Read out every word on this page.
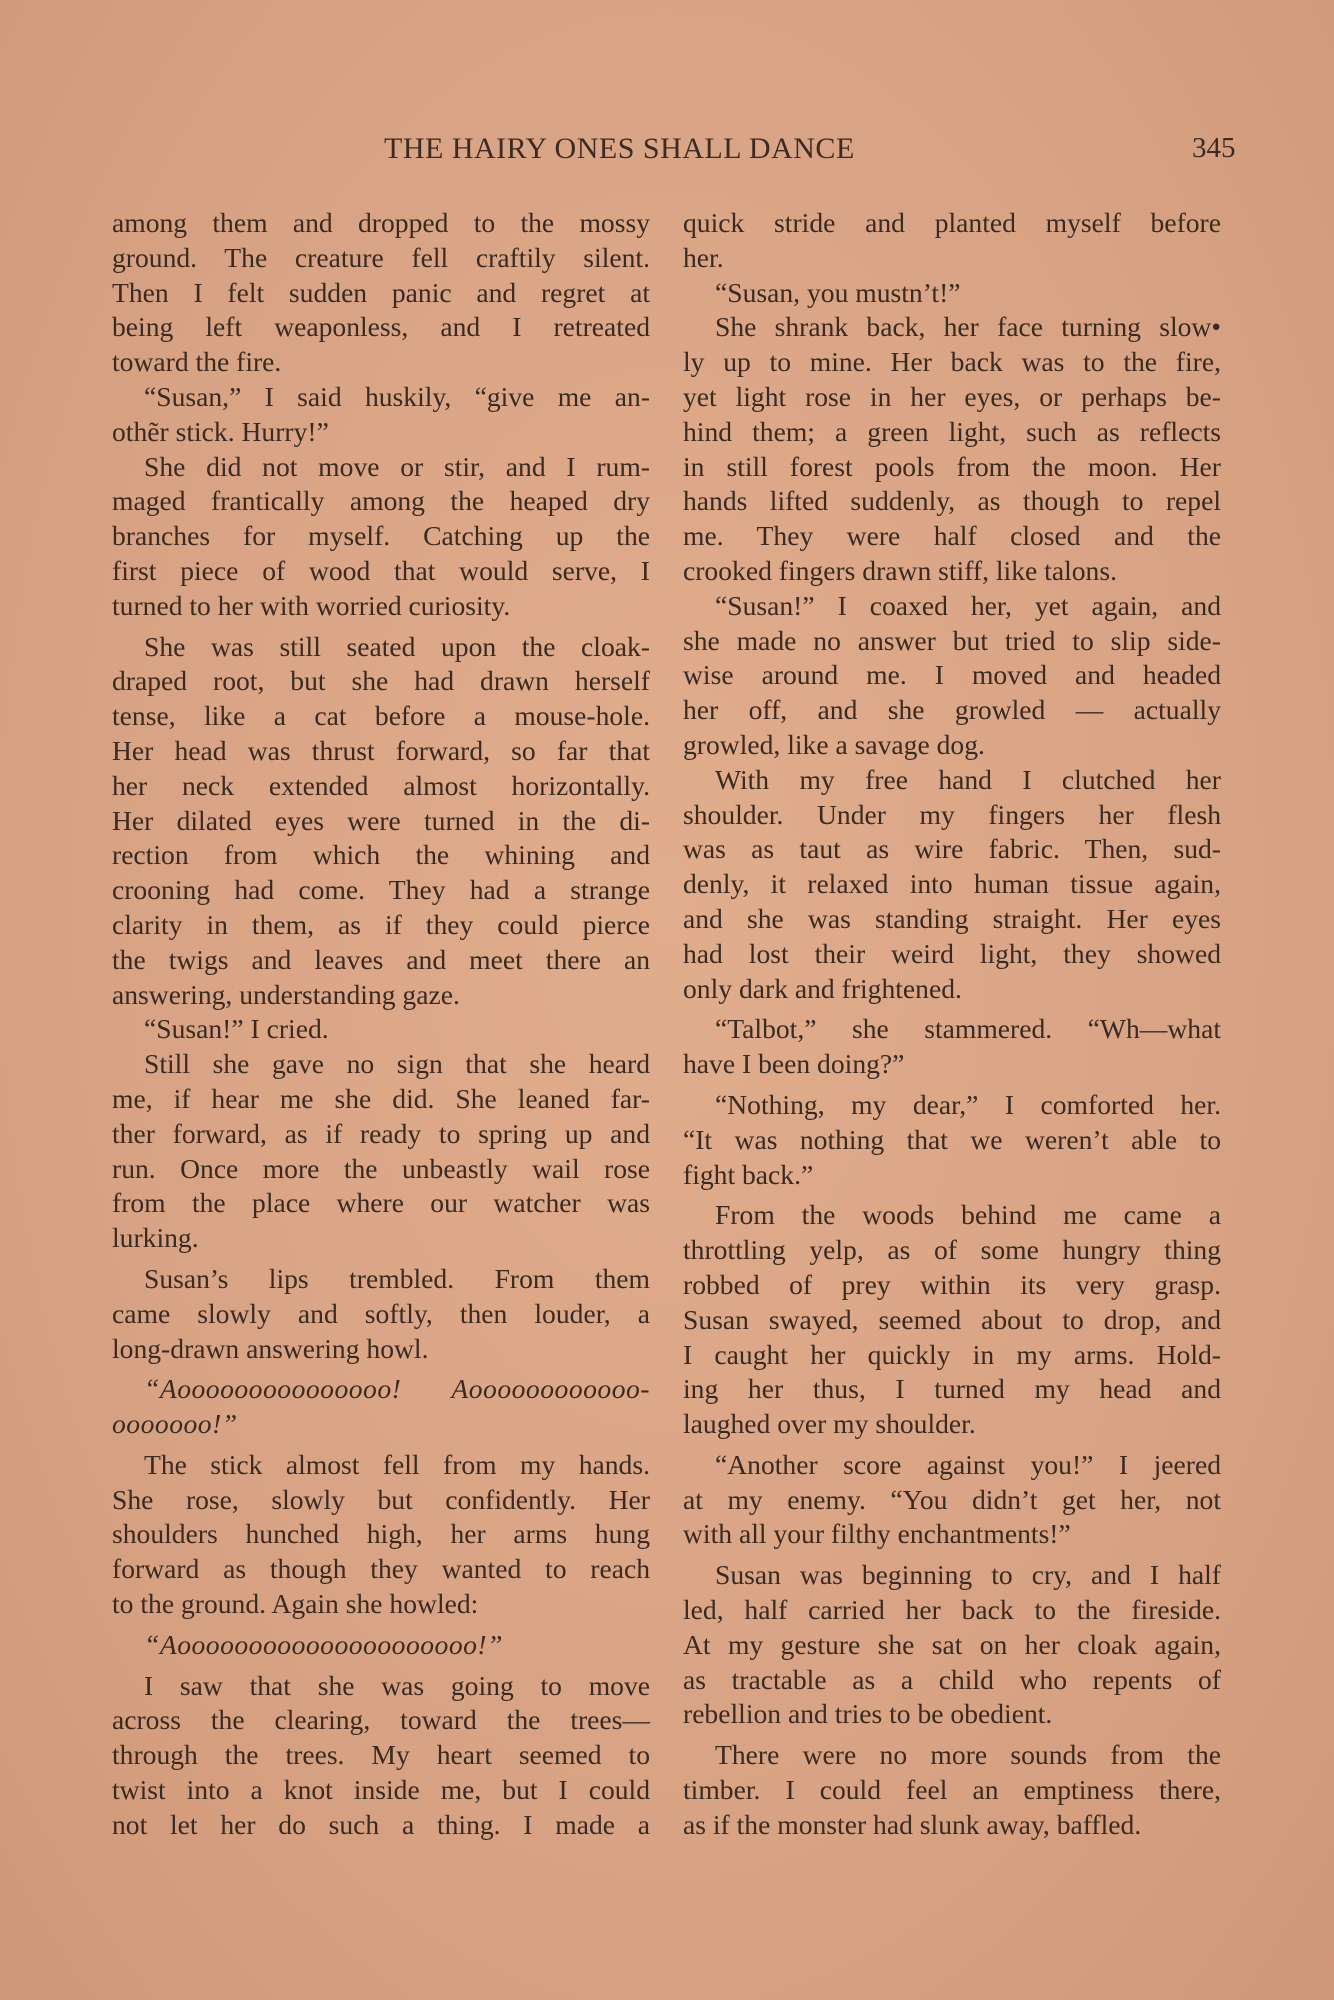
THE HAIRY ONES SHALL DANCE	345
among them and dropped to the mossy
ground. The creature fell craftily silent.
Then I felt sudden panic and regret at
being left weaponless, and I retreated
toward the fire.
“Susan,” I said huskily, “give me an-
othẽr stick. Hurry!”
She did not move or stir, and I rum-
maged frantically among the heaped dry
branches for myself. Catching up the
first piece of wood that would serve, I
turned to her with worried curiosity.
She was still seated upon the cloak-
draped root, but she had drawn herself
tense, like a cat before a mouse-hole.
Her head was thrust forward, so far that
her neck extended almost horizontally.
Her dilated eyes were turned in the di-
rection from which the whining and
crooning had come. They had a strange
clarity in them, as if they could pierce
the twigs and leaves and meet there an
answering, understanding gaze.
“Susan!” I cried.
Still she gave no sign that she heard
me, if hear me she did. She leaned far-
ther forward, as if ready to spring up and
run. Once more the unbeastly wail rose
from the place where our watcher was
lurking.
Susan’s lips trembled. From them
came slowly and softly, then louder, a
long-drawn answering howl.
“Aooooooooooooooo! Aoooooooooooo-
ooooooo!”
The stick almost fell from my hands.
She rose, slowly but confidently. Her
shoulders hunched high, her arms hung
forward as though they wanted to reach
to the ground. Again she howled:
“Aooooooooooooooooooooo!”
I saw that she was going to move
across the clearing, toward the trees—
through the trees. My heart seemed to
twist into a knot inside me, but I could
not let her do such a thing. I made a
quick stride and planted myself before
her.
“Susan, you mustn’t!”
She shrank back, her face turning slow•
ly up to mine. Her back was to the fire,
yet light rose in her eyes, or perhaps be-
hind them; a green light, such as reflects
in still forest pools from the moon. Her
hands lifted suddenly, as though to repel
me. They were half closed and the
crooked fingers drawn stiff, like talons.
“Susan!” I coaxed her, yet again, and
she made no answer but tried to slip side-
wise around me. I moved and headed
her off, and she growled — actually
growled, like a savage dog.
With my free hand I clutched her
shoulder. Under my fingers her flesh
was as taut as wire fabric. Then, sud-
denly, it relaxed into human tissue again,
and she was standing straight. Her eyes
had lost their weird light, they showed
only dark and frightened.
“Talbot,” she stammered. “Wh—what
have I been doing?”
“Nothing, my dear,” I comforted her.
“It was nothing that we weren’t able to
fight back.”
From the woods behind me came a
throttling yelp, as of some hungry thing
robbed of prey within its very grasp.
Susan swayed, seemed about to drop, and
I caught her quickly in my arms. Hold-
ing her thus, I turned my head and
laughed over my shoulder.
“Another score against you!” I jeered
at my enemy. “You didn’t get her, not
with all your filthy enchantments!”
Susan was beginning to cry, and I half
led, half carried her back to the fireside.
At my gesture she sat on her cloak again,
as tractable as a child who repents of
rebellion and tries to be obedient.
There were no more sounds from the
timber. I could feel an emptiness there,
as if the monster had slunk away, baffled.
